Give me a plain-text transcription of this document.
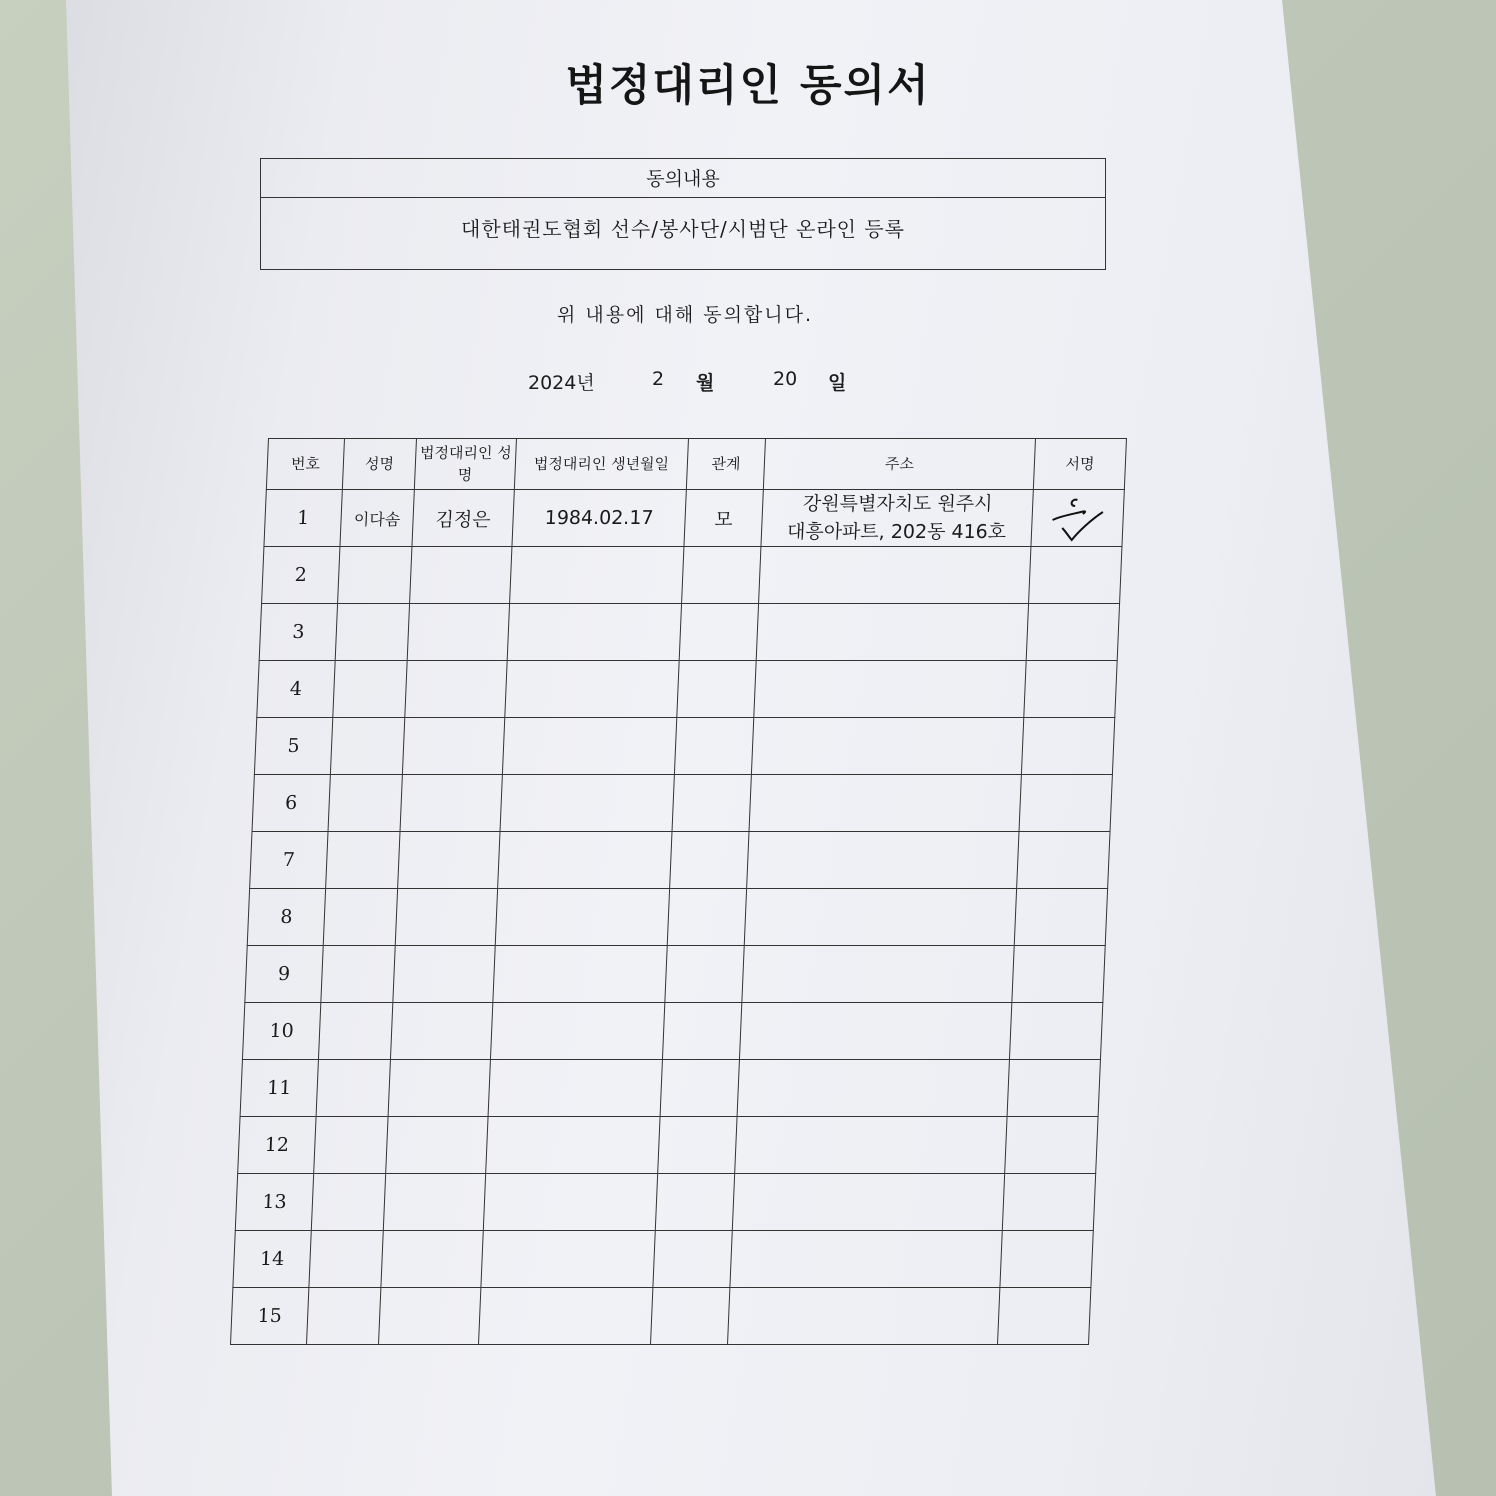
법정대리인 동의서
동의내용
대한태권도협회 선수/봉사단/시범단 온라인 등록
위 내용에 대해 동의합니다.
2024년	2 월	20 일
번호	성명	법정대리인 성명	법정대리인 생년월일	관계	주소	서명
1	이다솜	김정은	1984.02.17	모	강원특별자치도 원주시
대흥아파트, 202동 416호

2						
3						
4						
5						
6						
7						
8						
9						
10						
11						
12						
13						
14						
15						
